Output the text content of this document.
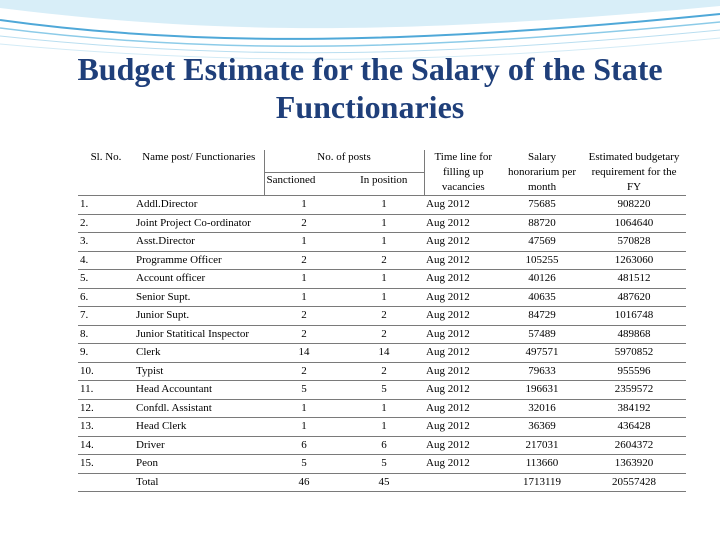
Budget Estimate for the Salary of the State
Functionaries
Sl. No.	Name post/ Functionaries	No. of posts		Time line for filling up vacancies	Salary honorarium per month	Estimated budgetary requirement for the FY
		Sanctioned	In position			
1.	Addl.Director	1	1	Aug 2012	75685	908220
2.	Joint Project Co-ordinator	2	1	Aug 2012	88720	1064640
3.	Asst.Director	1	1	Aug 2012	47569	570828
4.	Programme Officer	2	2	Aug 2012	105255	1263060
5.	Account officer	1	1	Aug 2012	40126	481512
6.	Senior Supt.	1	1	Aug 2012	40635	487620
7.	Junior Supt.	2	2	Aug 2012	84729	1016748
8.	Junior Statitical Inspector	2	2	Aug 2012	57489	489868
9.	Clerk	14	14	Aug 2012	497571	5970852
10.	Typist	2	2	Aug 2012	79633	955596
11.	Head Accountant	5	5	Aug 2012	196631	2359572
12.	Confdl. Assistant	1	1	Aug 2012	32016	384192
13.	Head Clerk	1	1	Aug 2012	36369	436428
14.	Driver	6	6	Aug 2012	217031	2604372
15.	Peon	5	5	Aug 2012	113660	1363920
	Total	46	45		1713119	20557428
